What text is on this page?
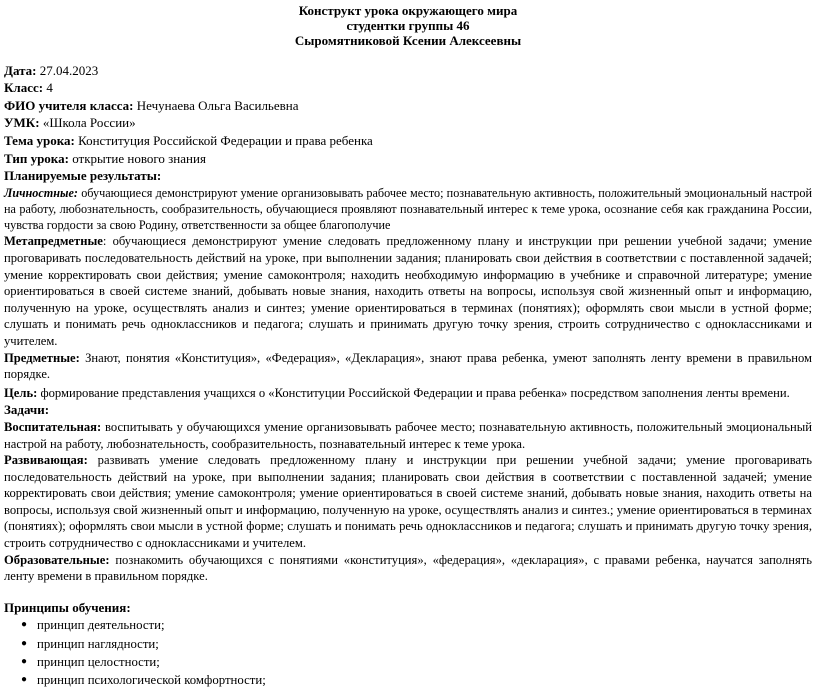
Конструкт урока окружающего мира
студентки группы 46
Сыромятниковой Ксении Алексеевны
Дата: 27.04.2023
Класс: 4
ФИО учителя класса: Нечунаева Ольга Васильевна
УМК: «Школа России»
Тема урока: Конституция Российской Федерации и права ребенка
Тип урока: открытие нового знания
Планируемые результаты:

Личностные: обучающиеся демонстрируют умение организовывать рабочее место; познавательную активность, положительный эмоциональный настрой на работу, любознательность, сообразительность, обучающиеся проявляют познавательный интерес к теме урока, осознание себя как гражданина России, чувства гордости за свою Родину, ответственности за общее благополучие

Метапредметные: обучающиеся демонстрируют умение следовать предложенному плану и инструкции при решении учебной задачи; умение проговаривать последовательность действий на уроке, при выполнении задания; планировать свои действия в соответствии с поставленной задачей; умение корректировать свои действия; умение самоконтроля; находить необходимую информацию в учебнике и справочной литературе; умение ориентироваться в своей системе знаний, добывать новые знания, находить ответы на вопросы, используя свой жизненный опыт и информацию, полученную на уроке, осуществлять анализ и синтез; умение ориентироваться в терминах (понятиях); оформлять свои мысли в устной форме; слушать и понимать речь одноклассников и педагога; слушать и принимать другую точку зрения, строить сотрудничество с одноклассниками и учителем.

Предметные: Знают, понятия «Конституция», «Федерация», «Декларация», знают права ребенка, умеют заполнять ленту времени в правильном порядке.

Цель: формирование представления учащихся о «Конституции Российской Федерации и права ребенка» посредством заполнения ленты времени.

Задачи:

Воспитательная: воспитывать у обучающихся умение организовывать рабочее место; познавательную активность, положительный эмоциональный настрой на работу, любознательность, сообразительность, познавательный интерес к теме урока.

Развивающая: развивать умение следовать предложенному плану и инструкции при решении учебной задачи; умение проговаривать последовательность действий на уроке, при выполнении задания; планировать свои действия в соответствии с поставленной задачей; умение корректировать свои действия; умение самоконтроля; умение ориентироваться в своей системе знаний, добывать новые знания, находить ответы на вопросы, используя свой жизненный опыт и информацию, полученную на уроке, осуществлять анализ и синтез.; умение ориентироваться в терминах (понятиях); оформлять свои мысли в устной форме; слушать и понимать речь одноклассников и педагога; слушать и принимать другую точку зрения, строить сотрудничество с одноклассниками и учителем.

Образовательные: познакомить обучающихся с понятиями «конституция», «федерация», «декларация», с правами ребенка, научатся заполнять ленту времени в правильном порядке.

Принципы обучения:
● принцип деятельности;
● принцип наглядности;
● принцип целостности;
● принцип психологической комфортности;
